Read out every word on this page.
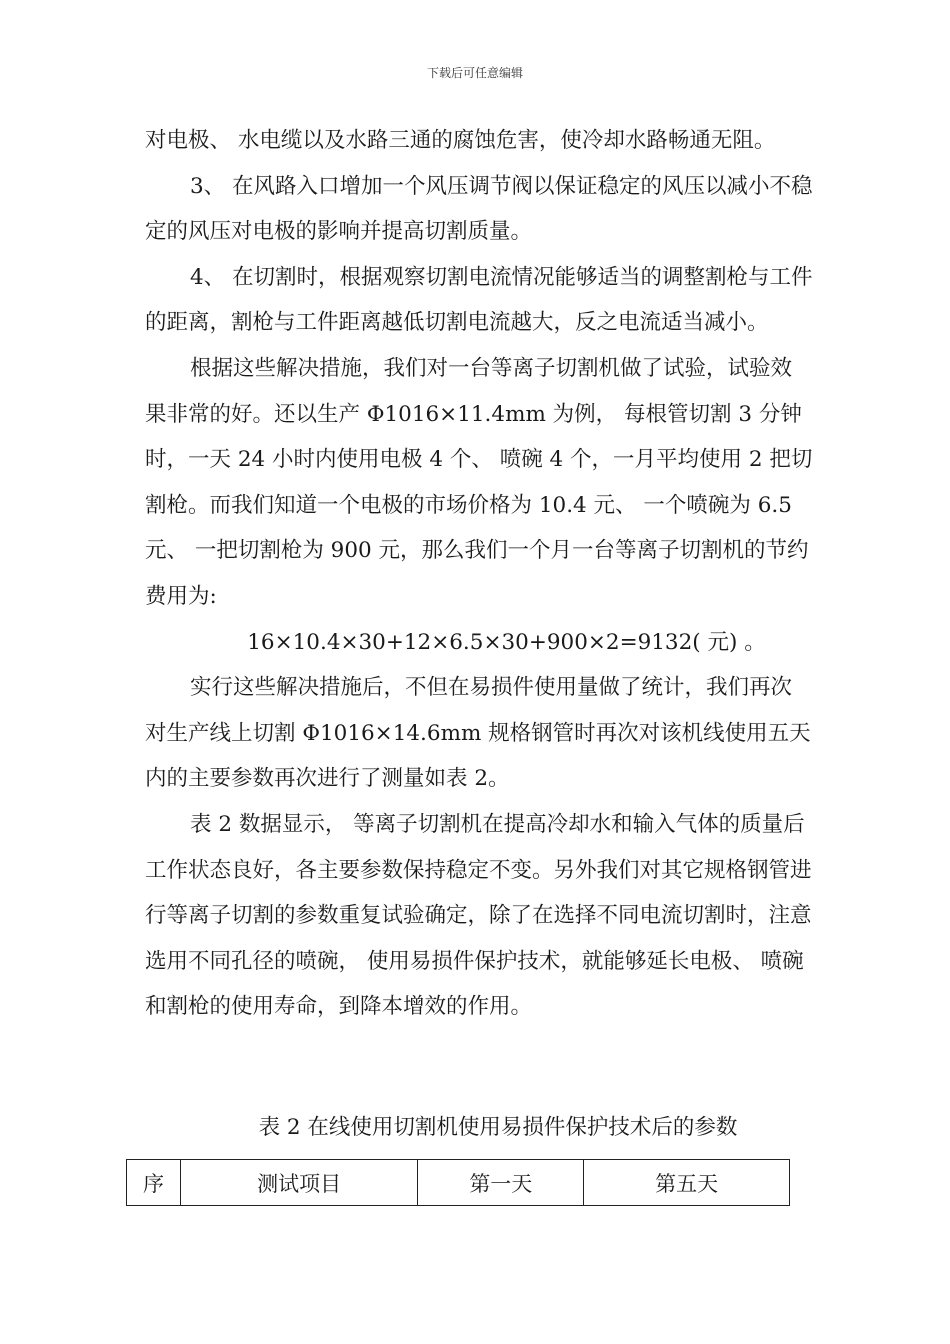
下载后可任意编辑

对电极、 水电缆以及水路三通的腐蚀危害，使冷却水路畅通无阻。

3、 在风路入口增加一个风压调节阀以保证稳定的风压以减小不稳定的风压对电极的影响并提高切割质量。

4、 在切割时，根据观察切割电流情况能够适当的调整割枪与工件的距离，割枪与工件距离越低切割电流越大，反之电流适当减小。

根据这些解决措施，我们对一台等离子切割机做了试验，试验效果非常的好。还以生产 Φ1016×11.4mm 为例， 每根管切割 3 分钟时，一天 24 小时内使用电极 4 个、 喷碗 4 个，一月平均使用 2 把切割枪。而我们知道一个电极的市场价格为 10.4 元、 一个喷碗为 6.5 元、 一把切割枪为 900 元，那么我们一个月一台等离子切割机的节约费用为:

16×10.4×30+12×6.5×30+900×2=9132( 元) 。

实行这些解决措施后，不但在易损件使用量做了统计，我们再次对生产线上切割 Φ1016×14.6mm 规格钢管时再次对该机线使用五天内的主要参数再次进行了测量如表 2。

表 2 数据显示， 等离子切割机在提高冷却水和输入气体的质量后工作状态良好，各主要参数保持稳定不变。另外我们对其它规格钢管进行等离子切割的参数重复试验确定，除了在选择不同电流切割时，注意选用不同孔径的喷碗， 使用易损件保护技术，就能够延长电极、 喷碗和割枪的使用寿命，到降本增效的作用。

表 2 在线使用切割机使用易损件保护技术后的参数
序	测试项目	第一天	第五天
